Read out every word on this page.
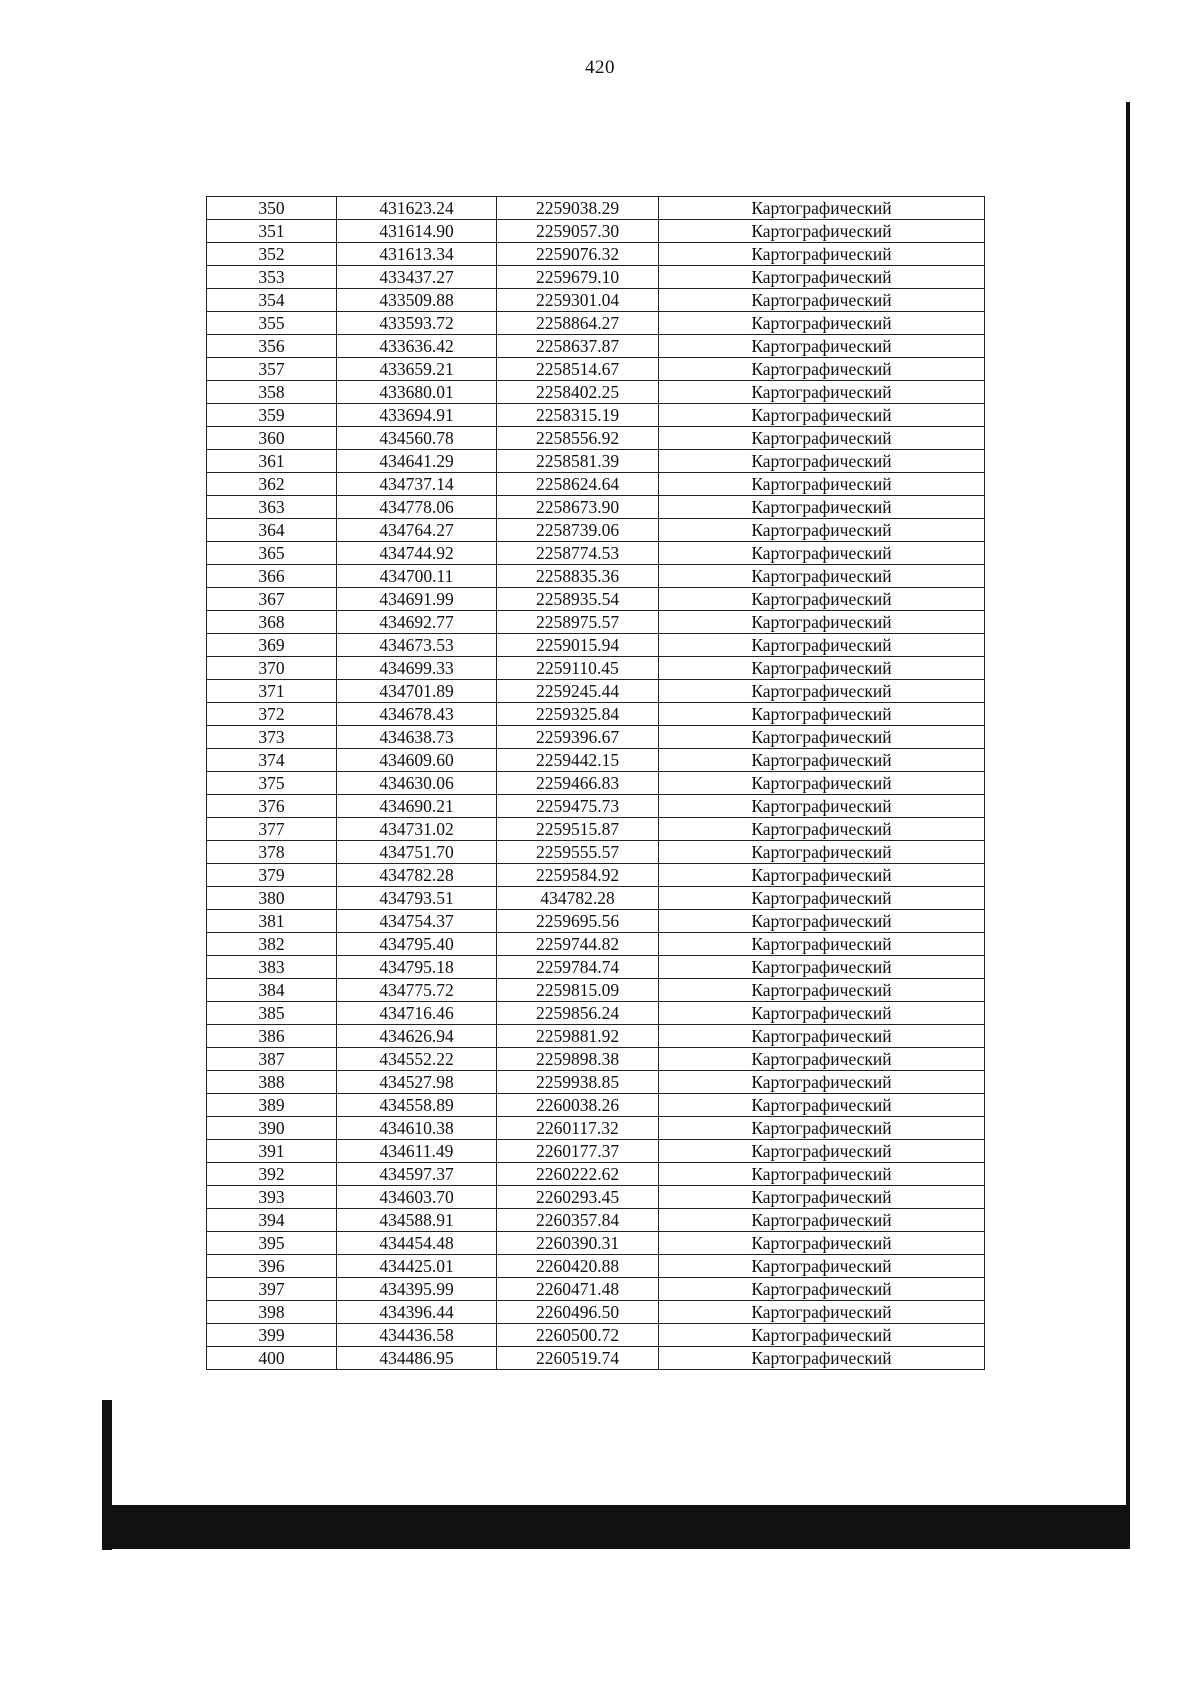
420
350	431623.24	2259038.29	Картографический
351	431614.90	2259057.30	Картографический
352	431613.34	2259076.32	Картографический
353	433437.27	2259679.10	Картографический
354	433509.88	2259301.04	Картографический
355	433593.72	2258864.27	Картографический
356	433636.42	2258637.87	Картографический
357	433659.21	2258514.67	Картографический
358	433680.01	2258402.25	Картографический
359	433694.91	2258315.19	Картографический
360	434560.78	2258556.92	Картографический
361	434641.29	2258581.39	Картографический
362	434737.14	2258624.64	Картографический
363	434778.06	2258673.90	Картографический
364	434764.27	2258739.06	Картографический
365	434744.92	2258774.53	Картографический
366	434700.11	2258835.36	Картографический
367	434691.99	2258935.54	Картографический
368	434692.77	2258975.57	Картографический
369	434673.53	2259015.94	Картографический
370	434699.33	2259110.45	Картографический
371	434701.89	2259245.44	Картографический
372	434678.43	2259325.84	Картографический
373	434638.73	2259396.67	Картографический
374	434609.60	2259442.15	Картографический
375	434630.06	2259466.83	Картографический
376	434690.21	2259475.73	Картографический
377	434731.02	2259515.87	Картографический
378	434751.70	2259555.57	Картографический
379	434782.28	2259584.92	Картографический
380	434793.51	434782.28	Картографический
381	434754.37	2259695.56	Картографический
382	434795.40	2259744.82	Картографический
383	434795.18	2259784.74	Картографический
384	434775.72	2259815.09	Картографический
385	434716.46	2259856.24	Картографический
386	434626.94	2259881.92	Картографический
387	434552.22	2259898.38	Картографический
388	434527.98	2259938.85	Картографический
389	434558.89	2260038.26	Картографический
390	434610.38	2260117.32	Картографический
391	434611.49	2260177.37	Картографический
392	434597.37	2260222.62	Картографический
393	434603.70	2260293.45	Картографический
394	434588.91	2260357.84	Картографический
395	434454.48	2260390.31	Картографический
396	434425.01	2260420.88	Картографический
397	434395.99	2260471.48	Картографический
398	434396.44	2260496.50	Картографический
399	434436.58	2260500.72	Картографический
400	434486.95	2260519.74	Картографический
